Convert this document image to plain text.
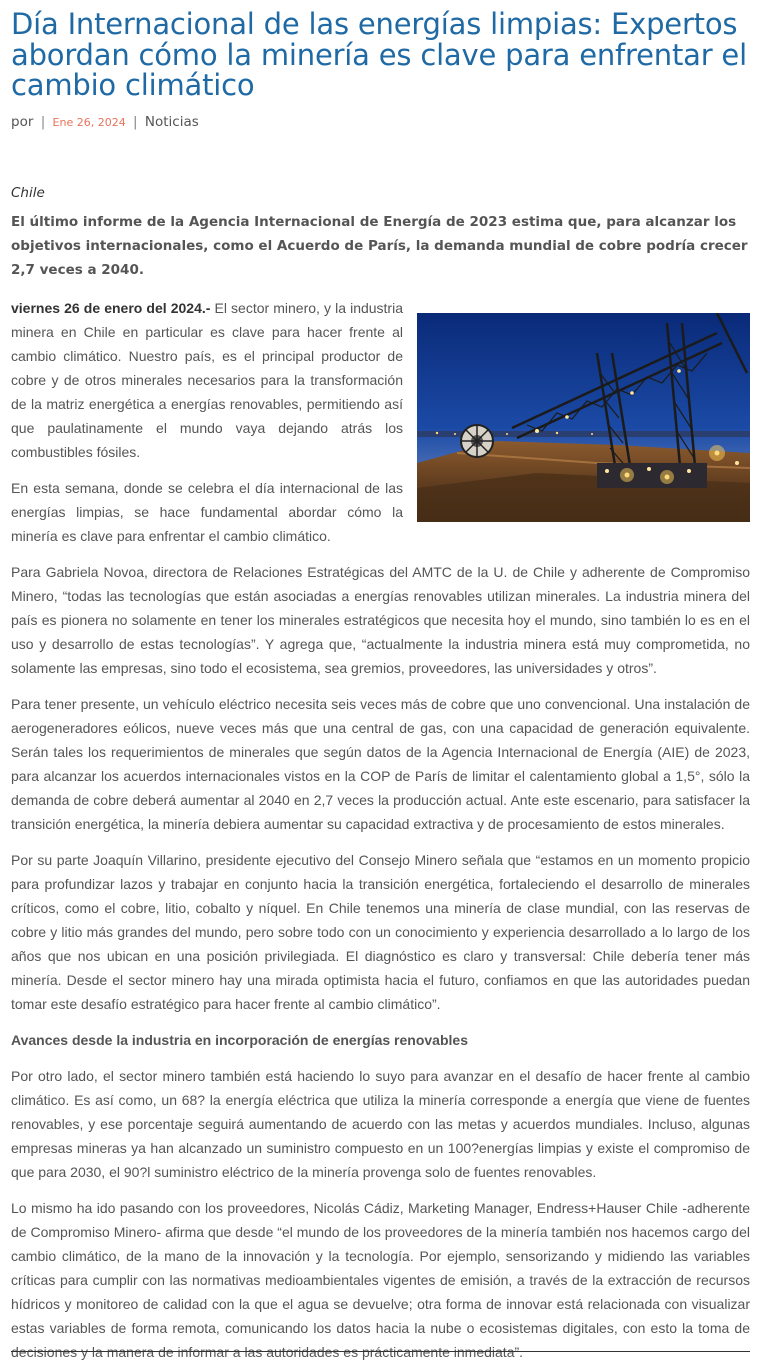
Día Internacional de las energías limpias: Expertos abordan cómo la minería es clave para enfrentar el cambio climático
por | Ene 26, 2024 | Noticias
Chile
El último informe de la Agencia Internacional de Energía de 2023 estima que, para alcanzar los objetivos internacionales, como el Acuerdo de París, la demanda mundial de cobre podría crecer 2,7 veces a 2040.

viernes 26 de enero del 2024.- El sector minero, y la industria minera en Chile en particular es clave para hacer frente al cambio climático. Nuestro país, es el principal productor de cobre y de otros minerales necesarios para la transformación de la matriz energética a energías renovables, permitiendo así que paulatinamente el mundo vaya dejando atrás los combustibles fósiles.

En esta semana, donde se celebra el día internacional de las energías limpias, se hace fundamental abordar cómo la minería es clave para enfrentar el cambio climático.

Para Gabriela Novoa, directora de Relaciones Estratégicas del AMTC de la U. de Chile y adherente de Compromiso Minero, “todas las tecnologías que están asociadas a energías renovables utilizan minerales. La industria minera del país es pionera no solamente en tener los minerales estratégicos que necesita hoy el mundo, sino también lo es en el uso y desarrollo de estas tecnologías”. Y agrega que, “actualmente la industria minera está muy comprometida, no solamente las empresas, sino todo el ecosistema, sea gremios, proveedores, las universidades y otros”.

Para tener presente, un vehículo eléctrico necesita seis veces más de cobre que uno convencional. Una instalación de aerogeneradores eólicos, nueve veces más que una central de gas, con una capacidad de generación equivalente. Serán tales los requerimientos de minerales que según datos de la Agencia Internacional de Energía (AIE) de 2023, para alcanzar los acuerdos internacionales vistos en la COP de París de limitar el calentamiento global a 1,5°, sólo la demanda de cobre deberá aumentar al 2040 en 2,7 veces la producción actual. Ante este escenario, para satisfacer la transición energética, la minería debiera aumentar su capacidad extractiva y de procesamiento de estos minerales.

Por su parte Joaquín Villarino, presidente ejecutivo del Consejo Minero señala que “estamos en un momento propicio para profundizar lazos y trabajar en conjunto hacia la transición energética, fortaleciendo el desarrollo de minerales críticos, como el cobre, litio, cobalto y níquel. En Chile tenemos una minería de clase mundial, con las reservas de cobre y litio más grandes del mundo, pero sobre todo con un conocimiento y experiencia desarrollado a lo largo de los años que nos ubican en una posición privilegiada. El diagnóstico es claro y transversal: Chile debería tener más minería. Desde el sector minero hay una mirada optimista hacia el futuro, confiamos en que las autoridades puedan tomar este desafío estratégico para hacer frente al cambio climático”.

Avances desde la industria en incorporación de energías renovables

Por otro lado, el sector minero también está haciendo lo suyo para avanzar en el desafío de hacer frente al cambio climático. Es así como, un 68? la energía eléctrica que utiliza la minería corresponde a energía que viene de fuentes renovables, y ese porcentaje seguirá aumentando de acuerdo con las metas y acuerdos mundiales. Incluso, algunas empresas mineras ya han alcanzado un suministro compuesto en un 100?energías limpias y existe el compromiso de que para 2030, el 90?l suministro eléctrico de la minería provenga solo de fuentes renovables.

Lo mismo ha ido pasando con los proveedores, Nicolás Cádiz, Marketing Manager, Endress+Hauser Chile -adherente de Compromiso Minero- afirma que desde “el mundo de los proveedores de la minería también nos hacemos cargo del cambio climático, de la mano de la innovación y la tecnología. Por ejemplo, sensorizando y midiendo las variables críticas para cumplir con las normativas medioambientales vigentes de emisión, a través de la extracción de recursos hídricos y monitoreo de calidad con la que el agua se devuelve; otra forma de innovar está relacionada con visualizar estas variables de forma remota, comunicando los datos hacia la nube o ecosistemas digitales, con esto la toma de decisiones y la manera de informar a las autoridades es prácticamente inmediata”.
